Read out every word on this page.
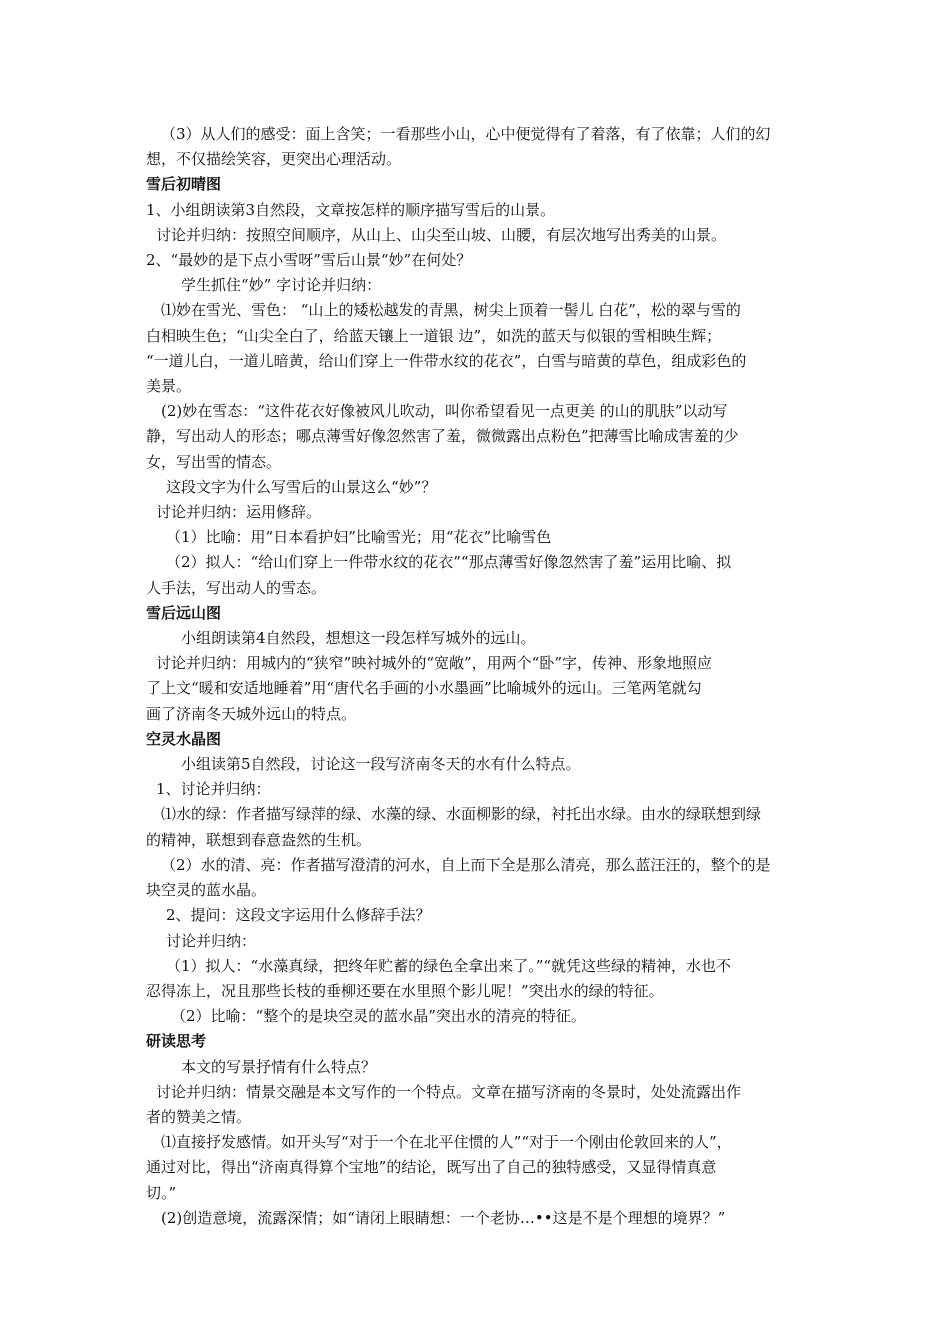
（3）从人们的感受：面上含笑；一看那些小山，心中便觉得有了着落，有了依靠；人们的幻

想，不仅描绘笑容，更突出心理活动。

雪后初晴图

1、小组朗读第3自然段，文章按怎样的顺序描写雪后的山景。

讨论并归纳：按照空间顺序，从山上、山尖至山坡、山腰，有层次地写出秀美的山景。

2、“最妙的是下点小雪呀”雪后山景“妙”在何处？

学生抓住“妙” 字讨论并归纳：

⑴妙在雪光、雪色： “山上的矮松越发的青黑，树尖上顶着一髻儿 白花”，松的翠与雪的

白相映生色；“山尖全白了，给蓝天镶上一道银 边”，如洗的蓝天与似银的雪相映生辉；

“一道儿白，一道儿暗黄，给山们穿上一件带水纹的花衣”，白雪与暗黄的草色，组成彩色的

美景。

(2)妙在雪态：“这件花衣好像被风儿吹动，叫你希望看见一点更美 的山的肌肤”以动写

静，写出动人的形态；哪点薄雪好像忽然害了羞，微微露出点粉色”把薄雪比喻成害羞的少

女，写出雪的情态。

这段文字为什么写雪后的山景这么“妙”？

讨论并归纳：运用修辞。

（1）比喻：用“日本看护妇”比喻雪光；用“花衣”比喻雪色

（2）拟人：“给山们穿上一件带水纹的花衣”“那点薄雪好像忽然害了羞”运用比喻、拟

人手法，写出动人的雪态。

雪后远山图

小组朗读第4自然段，想想这一段怎样写城外的远山。

讨论并归纳：用城内的“狭窄”映衬城外的“宽敞”，用两个“卧”字，传神、形象地照应

了上文“暖和安适地睡着”用“唐代名手画的小水墨画”比喻城外的远山。三笔两笔就勾

画了济南冬天城外远山的特点。

空灵水晶图

小组读第5自然段，讨论这一段写济南冬天的水有什么特点。

1、讨论并归纳：

⑴水的绿：作者描写绿萍的绿、水藻的绿、水面柳影的绿，衬托出水绿。由水的绿联想到绿

的精神，联想到春意盎然的生机。

（2）水的清、亮：作者描写澄清的河水，自上而下全是那么清亮，那么蓝汪汪的，整个的是

块空灵的蓝水晶。

2、提问：这段文字运用什么修辞手法？

讨论并归纳：

（1）拟人：“水藻真绿，把终年贮蓄的绿色全拿出来了。”“就凭这些绿的精神，水也不

忍得冻上，况且那些长枝的垂柳还要在水里照个影儿呢！”突出水的绿的特征。

（2）比喻：“整个的是块空灵的蓝水晶”突出水的清亮的特征。

研读思考

本文的写景抒情有什么特点？

讨论并归纳：情景交融是本文写作的一个特点。文章在描写济南的冬景时，处处流露出作

者的赞美之情。

⑴直接抒发感情。如开头写“对于一个在北平住惯的人”“对于一个刚由伦敦回来的人”，

通过对比，得出“济南真得算个宝地”的结论，既写出了自己的独特感受，又显得情真意

切。”

(2)创造意境，流露深情；如“请闭上眼睛想：一个老协…••这是不是个理想的境界？”
